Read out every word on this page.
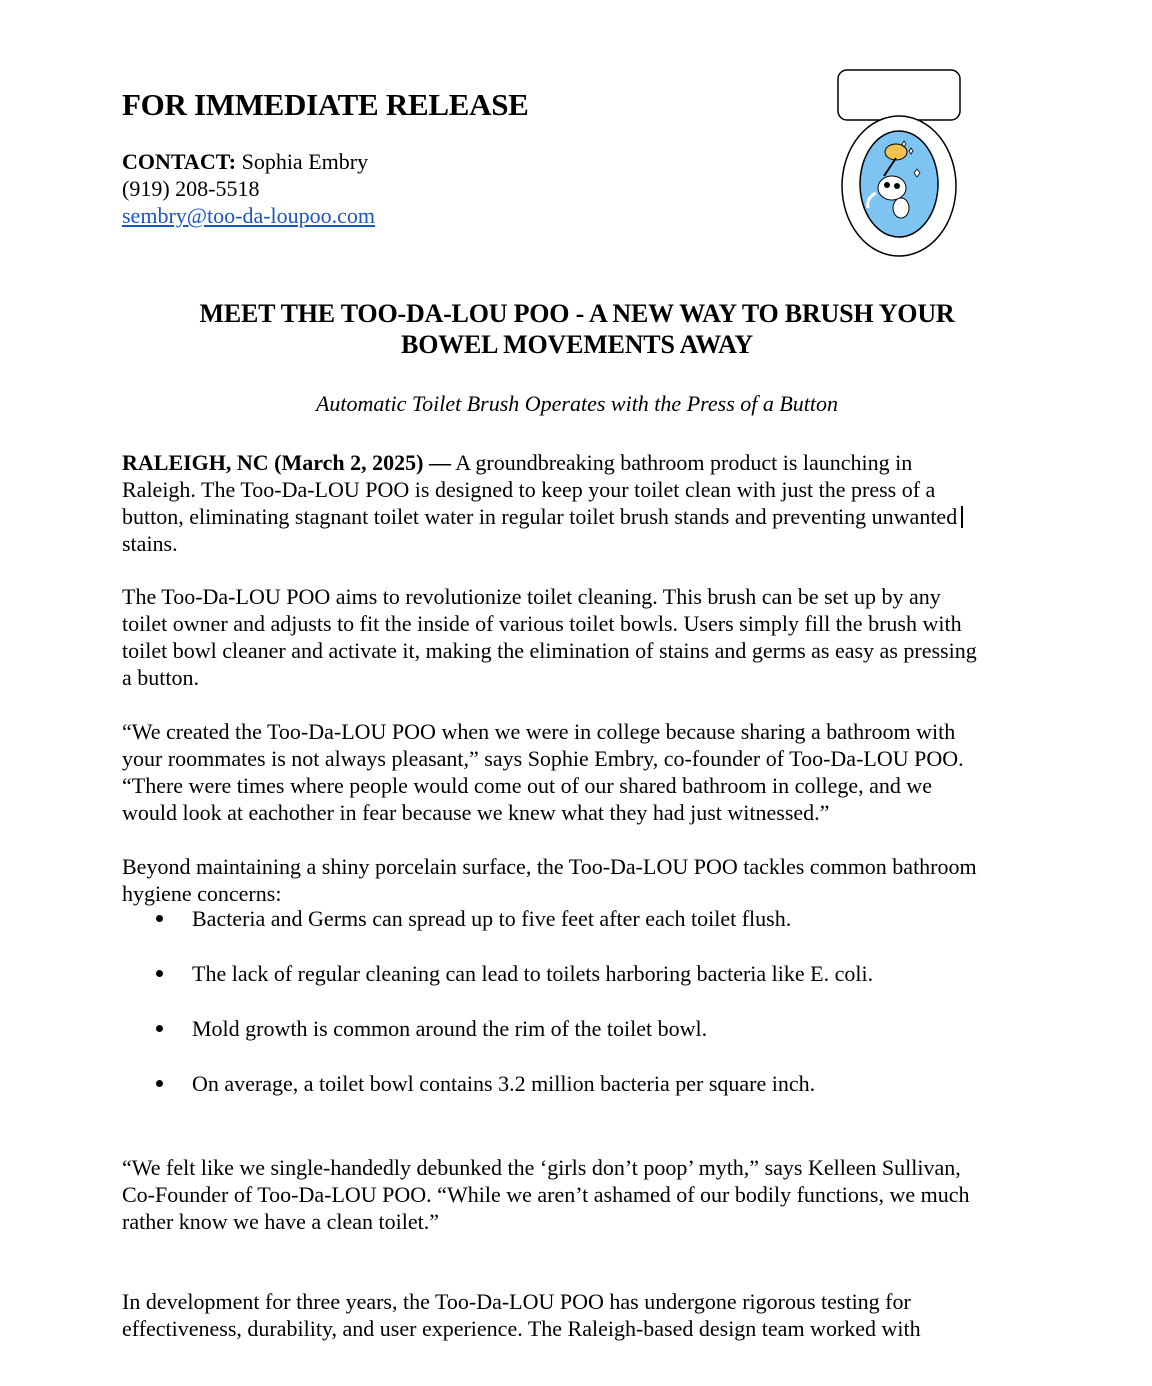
FOR IMMEDIATE RELEASE
CONTACT: Sophia Embry
(919) 208-5518
sembry@too-da-loupoo.com
MEET THE TOO-DA-LOU POO - A NEW WAY TO BRUSH YOUR
BOWEL MOVEMENTS AWAY
Automatic Toilet Brush Operates with the Press of a Button

RALEIGH, NC (March 2, 2025) — A groundbreaking bathroom product is launching in
Raleigh. The Too-Da-LOU POO is designed to keep your toilet clean with just the press of a
button, eliminating stagnant toilet water in regular toilet brush stands and preventing unwanted
stains.

The Too-Da-LOU POO aims to revolutionize toilet cleaning. This brush can be set up by any
toilet owner and adjusts to fit the inside of various toilet bowls. Users simply fill the brush with
toilet bowl cleaner and activate it, making the elimination of stains and germs as easy as pressing
a button.

“We created the Too-Da-LOU POO when we were in college because sharing a bathroom with
your roommates is not always pleasant,” says Sophie Embry, co-founder of Too-Da-LOU POO.
“There were times where people would come out of our shared bathroom in college, and we
would look at eachother in fear because we knew what they had just witnessed.”

Beyond maintaining a shiny porcelain surface, the Too-Da-LOU POO tackles common bathroom
hygiene concerns:

Bacteria and Germs can spread up to five feet after each toilet flush.
The lack of regular cleaning can lead to toilets harboring bacteria like E. coli.
Mold growth is common around the rim of the toilet bowl.
On average, a toilet bowl contains 3.2 million bacteria per square inch.

“We felt like we single-handedly debunked the ‘girls don’t poop’ myth,” says Kelleen Sullivan,
Co-Founder of Too-Da-LOU POO. “While we aren’t ashamed of our bodily functions, we much
rather know we have a clean toilet.”

In development for three years, the Too-Da-LOU POO has undergone rigorous testing for
effectiveness, durability, and user experience. The Raleigh-based design team worked with
